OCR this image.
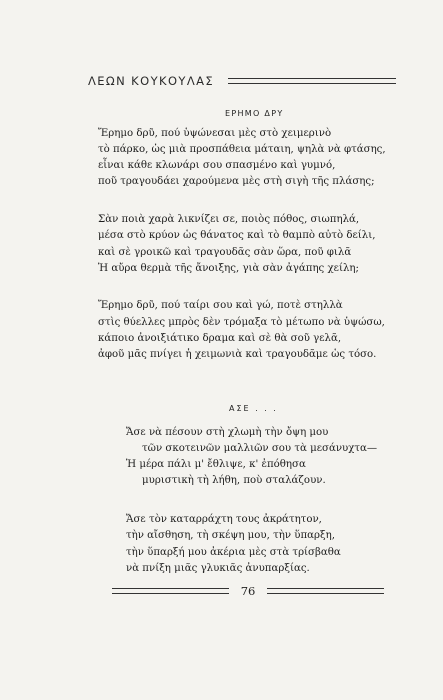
ΛΕΩΝ ΚΟΥΚΟΥΛΑΣ
ΕΡΗΜΟ ΔΡΥ
Ἔρημο δρῦ, πού ὑψώνεσαι μὲς στὸ χειμερινὸ
τὸ πάρκο, ὡς μιὰ προσπάθεια μάταιη, ψηλὰ νὰ φτάσης,
εἶναι κάθε κλωνάρι σου σπασμένο καὶ γυμνό,
ποῦ τραγουδάει χαρούμενα μὲς στὴ σιγὴ τῆς πλάσης;
Σὰν ποιὰ χαρὰ λικνίζει σε, ποιὸς πόθος, σιωπηλά,
μέσα στὸ κρύον ὡς θάνατος καὶ τὸ θαμπὸ αὐτὸ δείλι,
καὶ σὲ γροικῶ καὶ τραγουδᾶς σὰν ὥρα, ποῦ φιλᾶ
Ἡ αὔρα θερμὰ τῆς ἄνοιξης, γιὰ σὰν ἀγάπης χείλη;
Ἔρημο δρῦ, πού ταίρι σου καὶ γώ, ποτὲ στηλλὰ
στὶς θύελλες μπρὸς δὲν τρόμαξα τὸ μέτωπο νὰ ὑψώσω,
κάποιο ἀνοιξιάτικο δραμα καὶ σὲ θὰ σοῦ γελᾶ,
ἀφοῦ μᾶς πνίγει ἡ χειμωνιὰ καὶ τραγουδᾶμε ὡς τόσο.
ΑΣΕ . . .
Ἄσε νὰ πέσουν στὴ χλωμὴ τὴν ὄψη μου
τῶν σκοτεινῶν μαλλιῶν σου τὰ μεσάνυχτα—
Ἡ μέρα πάλι μ' ἔθλιψε, κ' ἐπόθησα
μυριστικὴ τὴ λήθη, ποὺ σταλάζουν.
Ἄσε τὸν καταρράχτη τους ἀκράτητον,
τὴν αἴσθηση, τὴ σκέψη μου, τὴν ὕπαρξη,
τὴν ὕπαρξή μου ἀκέρια μὲς στὰ τρίσβαθα
νὰ πνίξη μιᾶς γλυκιᾶς ἀνυπαρξίας.
76
